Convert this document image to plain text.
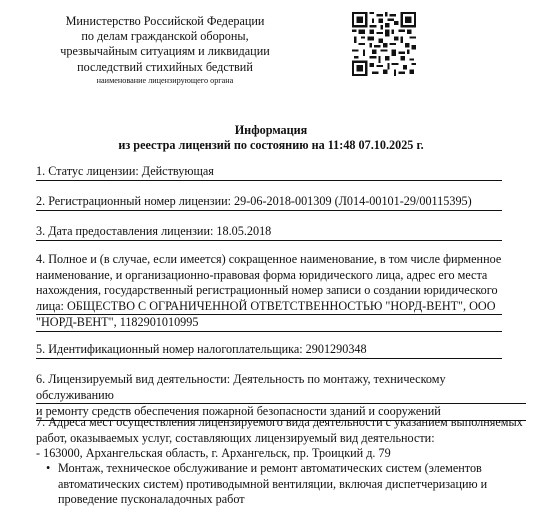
Министерство Российской Федерации
по делам гражданской обороны,
чрезвычайным ситуациям и ликвидации
последствий стихийных бедствий
наименование лицензирующего органа
Информация
из реестра лицензий по состоянию на 11:48 07.10.2025 г.
1. Статус лицензии: Действующая
2. Регистрационный номер лицензии: 29-06-2018-001309 (Л014-00101-29/00115395)
3. Дата предоставления лицензии: 18.05.2018
4. Полное и (в случае, если имеется) сокращенное наименование, в том числе фирменное
наименование, и организационно-правовая форма юридического лица, адрес его места
нахождения, государственный регистрационный номер записи о создании юридического
лица: ОБЩЕСТВО С ОГРАНИЧЕННОЙ ОТВЕТСТВЕННОСТЬЮ "НОРД-ВЕНТ", ООО
"НОРД-ВЕНТ", 1182901010995
5. Идентификационный номер налогоплательщика: 2901290348
6. Лицензируемый вид деятельности: Деятельность по монтажу, техническому обслуживанию
и ремонту средств обеспечения пожарной безопасности зданий и сооружений
7. Адреса мест осуществления лицензируемого вида деятельности с указанием выполняемых
работ, оказываемых услуг, составляющих лицензируемый вид деятельности:
- 163000, Архангельская область, г. Архангельск, пр. Троицкий д. 79
• Монтаж, техническое обслуживание и ремонт автоматических систем (элементов
автоматических систем) противодымной вентиляции, включая диспетчеризацию и
проведение пусконаладочных работ
